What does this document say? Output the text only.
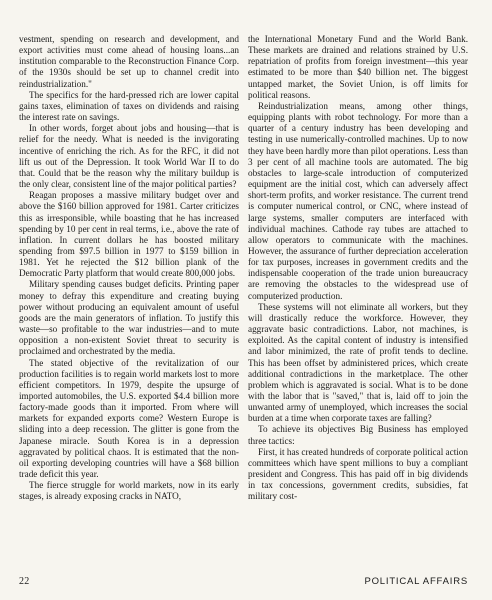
vestment, spending on research and development, and export activities must come ahead of housing loans...an institution comparable to the Reconstruction Finance Corp. of the 1930s should be set up to channel credit into reindustrialization."

The specifics for the hard-pressed rich are lower capital gains taxes, elimination of taxes on dividends and raising the interest rate on savings.

In other words, forget about jobs and housing—that is relief for the needy. What is needed is the invigorating incentive of enriching the rich. As for the RFC, it did not lift us out of the Depression. It took World War II to do that. Could that be the reason why the military buildup is the only clear, consistent line of the major political parties?

Reagan proposes a massive military budget over and above the $160 billion approved for 1981. Carter criticizes this as irresponsible, while boasting that he has increased spending by 10 per cent in real terms, i.e., above the rate of inflation. In current dollars he has boosted military spending from $97.5 billion in 1977 to $159 billion in 1981. Yet he rejected the $12 billion plank of the Democratic Party platform that would create 800,000 jobs.

Military spending causes budget deficits. Printing paper money to defray this expenditure and creating buying power without producing an equivalent amount of useful goods are the main generators of inflation. To justify this waste—so profitable to the war industries—and to mute opposition a non-existent Soviet threat to security is proclaimed and orchestrated by the media.

The stated objective of the revitalization of our production facilities is to regain world markets lost to more efficient competitors. In 1979, despite the upsurge of imported automobiles, the U.S. exported $4.4 billion more factory-made goods than it imported. From where will markets for expanded exports come? Western Europe is sliding into a deep recession. The glitter is gone from the Japanese miracle. South Korea is in a depression aggravated by political chaos. It is estimated that the non-oil exporting developing countries will have a $68 billion trade deficit this year.

The fierce struggle for world markets, now in its early stages, is already exposing cracks in NATO,

the International Monetary Fund and the World Bank. These markets are drained and relations strained by U.S. repatriation of profits from foreign investment—this year estimated to be more than $40 billion net. The biggest untapped market, the Soviet Union, is off limits for political reasons.

Reindustrialization means, among other things, equipping plants with robot technology. For more than a quarter of a century industry has been developing and testing in use numerically-controlled machines. Up to now they have been hardly more than pilot operations. Less than 3 per cent of all machine tools are automated. The big obstacles to large-scale introduction of computerized equipment are the initial cost, which can adversely affect short-term profits, and worker resistance. The current trend is computer numerical control, or CNC, where instead of large systems, smaller computers are interfaced with individual machines. Cathode ray tubes are attached to allow operators to communicate with the machines. However, the assurance of further depreciation acceleration for tax purposes, increases in government credits and the indispensable cooperation of the trade union bureaucracy are removing the obstacles to the widespread use of computerized production.

These systems will not eliminate all workers, but they will drastically reduce the workforce. However, they aggravate basic contradictions. Labor, not machines, is exploited. As the capital content of industry is intensified and labor minimized, the rate of profit tends to decline. This has been offset by administered prices, which create additional contradictions in the marketplace. The other problem which is aggravated is social. What is to be done with the labor that is "saved," that is, laid off to join the unwanted army of unemployed, which increases the social burden at a time when corporate taxes are falling?

To achieve its objectives Big Business has employed three tactics:

First, it has created hundreds of corporate political action committees which have spent millions to buy a compliant president and Congress. This has paid off in big dividends in tax concessions, government credits, subsidies, fat military cost-

22	POLITICAL AFFAIRS
